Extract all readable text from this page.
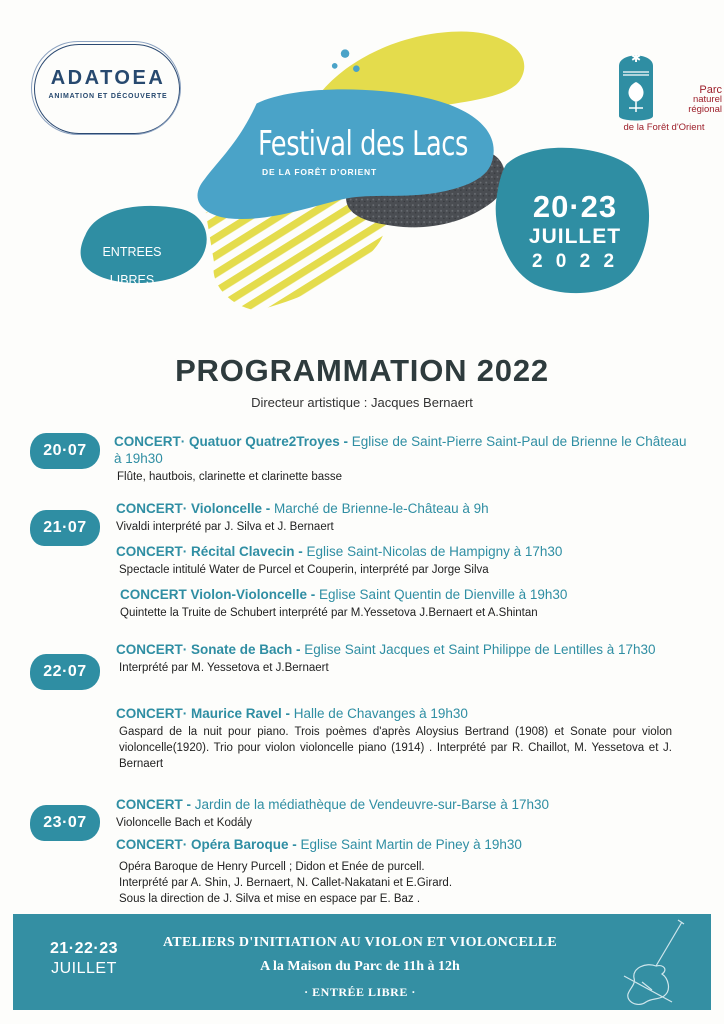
ADATOEA
ANIMATION ET DÉCOUVERTE
✱
Parc
naturel
régional
de la Forêt d'Orient
Festival des Lacs
DE LA FORÊT D'ORIENT
20·23
JUILLET
2 0 2 2
ENTREES
LIBRES
PROGRAMMATION 2022
Directeur artistique : Jacques Bernaert
20·07
21·07
22·07
23·07
CONCERT· Quatuor Quatre2Troyes - Eglise de Saint-Pierre Saint-Paul de Brienne le Château à 19h30
Flûte, hautbois, clarinette et clarinette basse
CONCERT· Violoncelle - Marché de Brienne-le-Château à 9h
Vivaldi interprété par J. Silva et J. Bernaert
CONCERT· Récital Clavecin - Eglise Saint-Nicolas de Hampigny à 17h30
Spectacle intitulé Water de Purcel et Couperin, interprété par Jorge Silva
CONCERT Violon-Violoncelle - Eglise Saint Quentin de Dienville à 19h30
Quintette la Truite de Schubert interprété par M.Yessetova J.Bernaert et A.Shintan
CONCERT· Sonate de Bach - Eglise Saint Jacques et Saint Philippe de Lentilles à 17h30
Interprété par M. Yessetova et J.Bernaert
CONCERT· Maurice Ravel - Halle de Chavanges à 19h30
Gaspard de la nuit pour piano. Trois poèmes d'après Aloysius Bertrand (1908) et Sonate pour violon violoncelle(1920). Trio pour violon violoncelle piano (1914) . Interprété par R. Chaillot, M. Yessetova et J. Bernaert
CONCERT - Jardin de la médiathèque de Vendeuvre-sur-Barse à 17h30
Violoncelle Bach et Kodály
CONCERT· Opéra Baroque - Eglise Saint Martin de Piney à 19h30
Opéra Baroque de Henry Purcell ; Didon et Enée de purcell.
Interprété par A. Shin, J. Bernaert, N. Callet-Nakatani et E.Girard.
Sous la direction de J. Silva et mise en espace par E. Baz .
21·22·23
JUILLET
ATELIERS D'INITIATION AU VIOLON ET VIOLONCELLE
A la Maison du Parc de 11h à 12h
· ENTRÉE LIBRE ·
